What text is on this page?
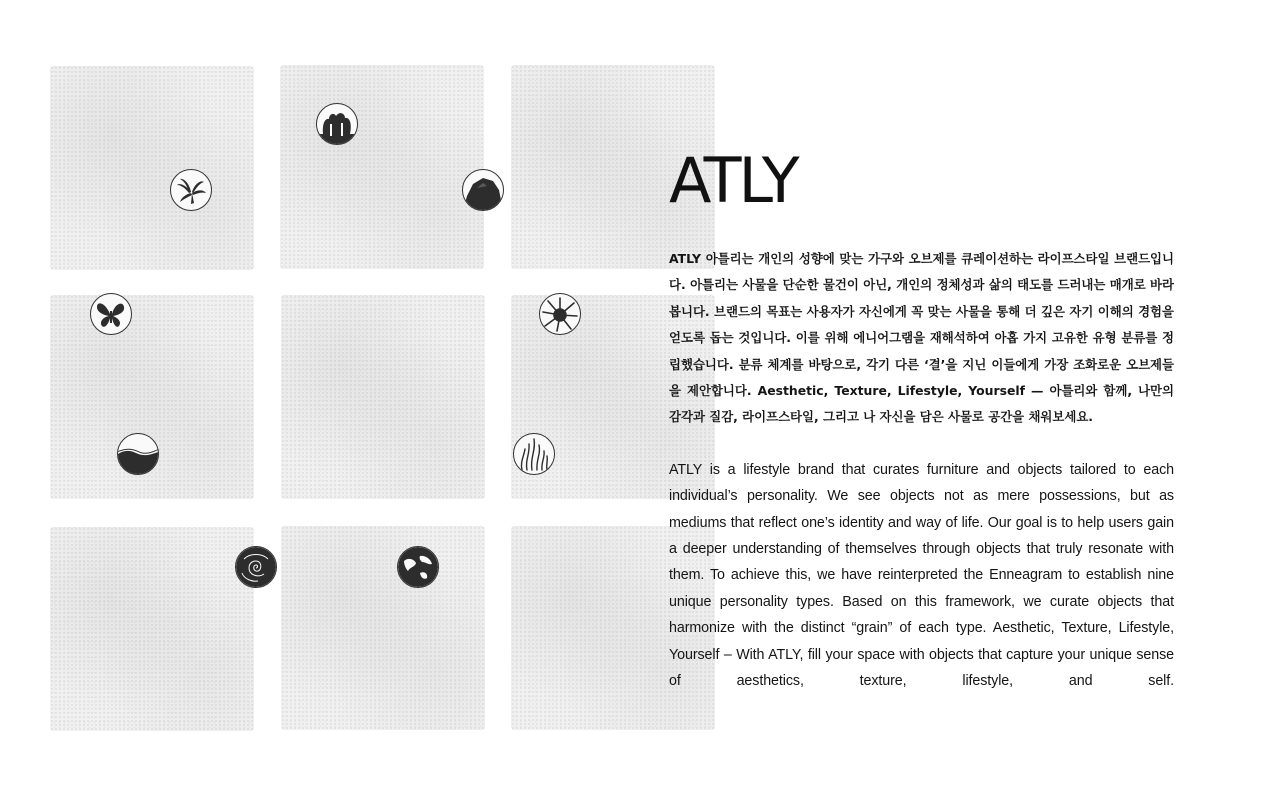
ATLY

ATLY 아틀리는 개인의 성향에 맞는 가구와 오브제를 큐레이션하는 라이프스타일 브랜드입니다. 아틀리는 사물을 단순한 물건이 아닌, 개인의 정체성과 삶의 태도를 드러내는 매개로 바라봅니다. 브랜드의 목표는 사용자가 자신에게 꼭 맞는 사물을 통해 더 깊은 자기 이해의 경험을 얻도록 돕는 것입니다. 이를 위해 에니어그램을 재해석하여 아홉 가지 고유한 유형 분류를 정립했습니다. 분류 체계를 바탕으로, 각기 다른 ‘결’을 지닌 이들에게 가장 조화로운 오브제들을 제안합니다. Aesthetic, Texture, Lifestyle, Yourself — 아틀리와 함께, 나만의 감각과 질감, 라이프스타일, 그리고 나 자신을 담은 사물로 공간을 채워보세요.

ATLY is a lifestyle brand that curates furniture and objects tailored to each individual’s personality. We see objects not as mere possessions, but as mediums that reflect one’s identity and way of life. Our goal is to help users gain a deeper understanding of themselves through objects that truly resonate with them. To achieve this, we have reinterpreted the Enneagram to establish nine unique personality types. Based on this framework, we curate objects that harmonize with the distinct “grain” of each type. Aesthetic, Texture, Lifestyle, Yourself – With ATLY, fill your space with objects that capture your unique sense of aesthetics, texture, lifestyle, and self.
